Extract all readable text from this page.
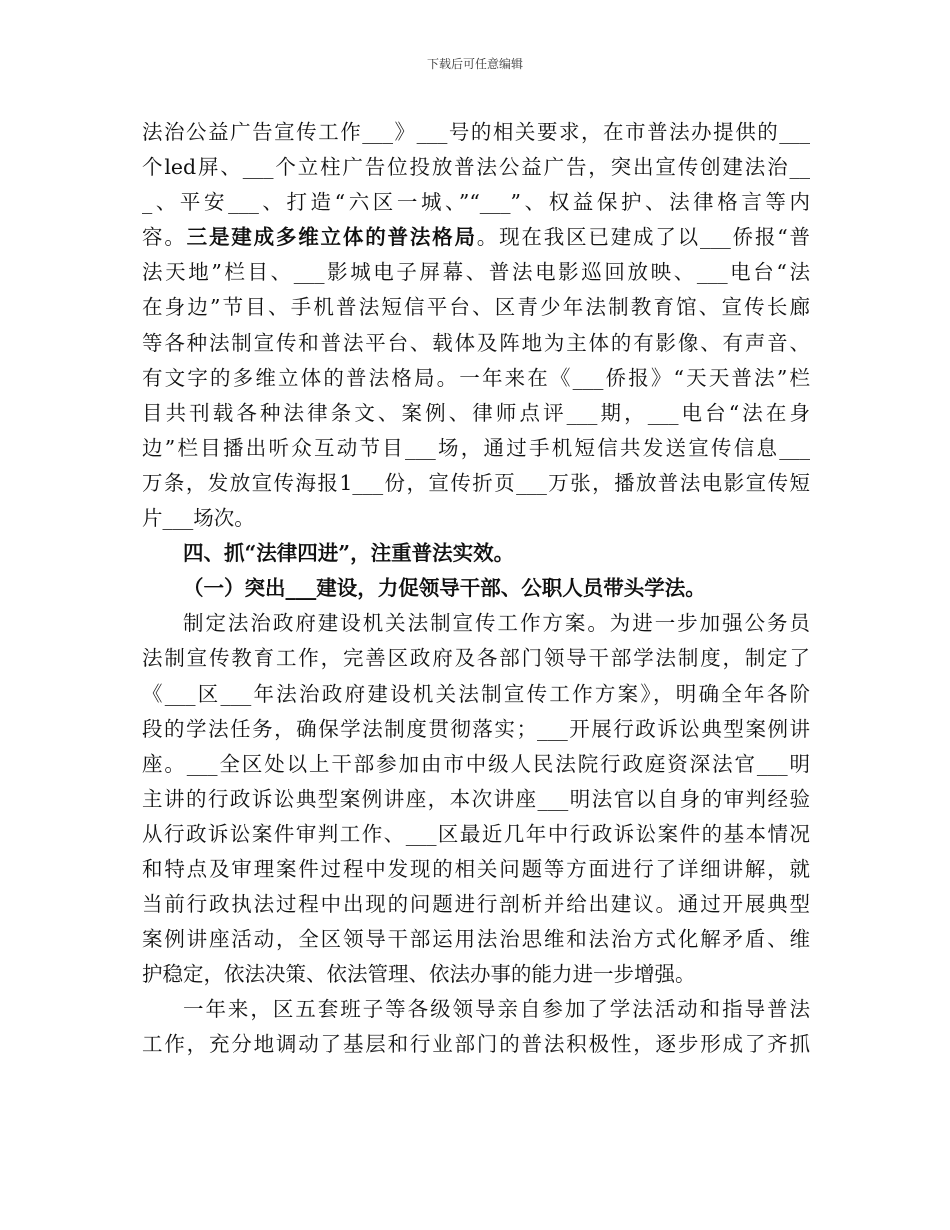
下载后可任意编辑
法治公益广告宣传工作___》___号的相关要求，在市普法办提供的___
个led屏、___个立柱广告位投放普法公益广告，突出宣传创建法治__
_、平安___、打造“六区一城、”“___”、权益保护、法律格言等内
容。三是建成多维立体的普法格局。现在我区已建成了以___侨报“普
法天地”栏目、___影城电子屏幕、普法电影巡回放映、___电台“法
在身边”节目、手机普法短信平台、区青少年法制教育馆、宣传长廊
等各种法制宣传和普法平台、载体及阵地为主体的有影像、有声音、
有文字的多维立体的普法格局。一年来在《___侨报》“天天普法”栏
目共刊载各种法律条文、案例、律师点评___期，___电台“法在身
边”栏目播出听众互动节目___场，通过手机短信共发送宣传信息___
万条，发放宣传海报1___份，宣传折页___万张，播放普法电影宣传短
片___场次。
四、抓“法律四进”，注重普法实效。
（一）突出___建设，力促领导干部、公职人员带头学法。
制定法治政府建设机关法制宣传工作方案。为进一步加强公务员
法制宣传教育工作，完善区政府及各部门领导干部学法制度，制定了
《___区___年法治政府建设机关法制宣传工作方案》，明确全年各阶
段的学法任务，确保学法制度贯彻落实；___开展行政诉讼典型案例讲
座。___全区处以上干部参加由市中级人民法院行政庭资深法官___明
主讲的行政诉讼典型案例讲座，本次讲座___明法官以自身的审判经验
从行政诉讼案件审判工作、___区最近几年中行政诉讼案件的基本情况
和特点及审理案件过程中发现的相关问题等方面进行了详细讲解，就
当前行政执法过程中出现的问题进行剖析并给出建议。通过开展典型
案例讲座活动，全区领导干部运用法治思维和法治方式化解矛盾、维
护稳定，依法决策、依法管理、依法办事的能力进一步增强。
一年来，区五套班子等各级领导亲自参加了学法活动和指导普法
工作，充分地调动了基层和行业部门的普法积极性，逐步形成了齐抓
